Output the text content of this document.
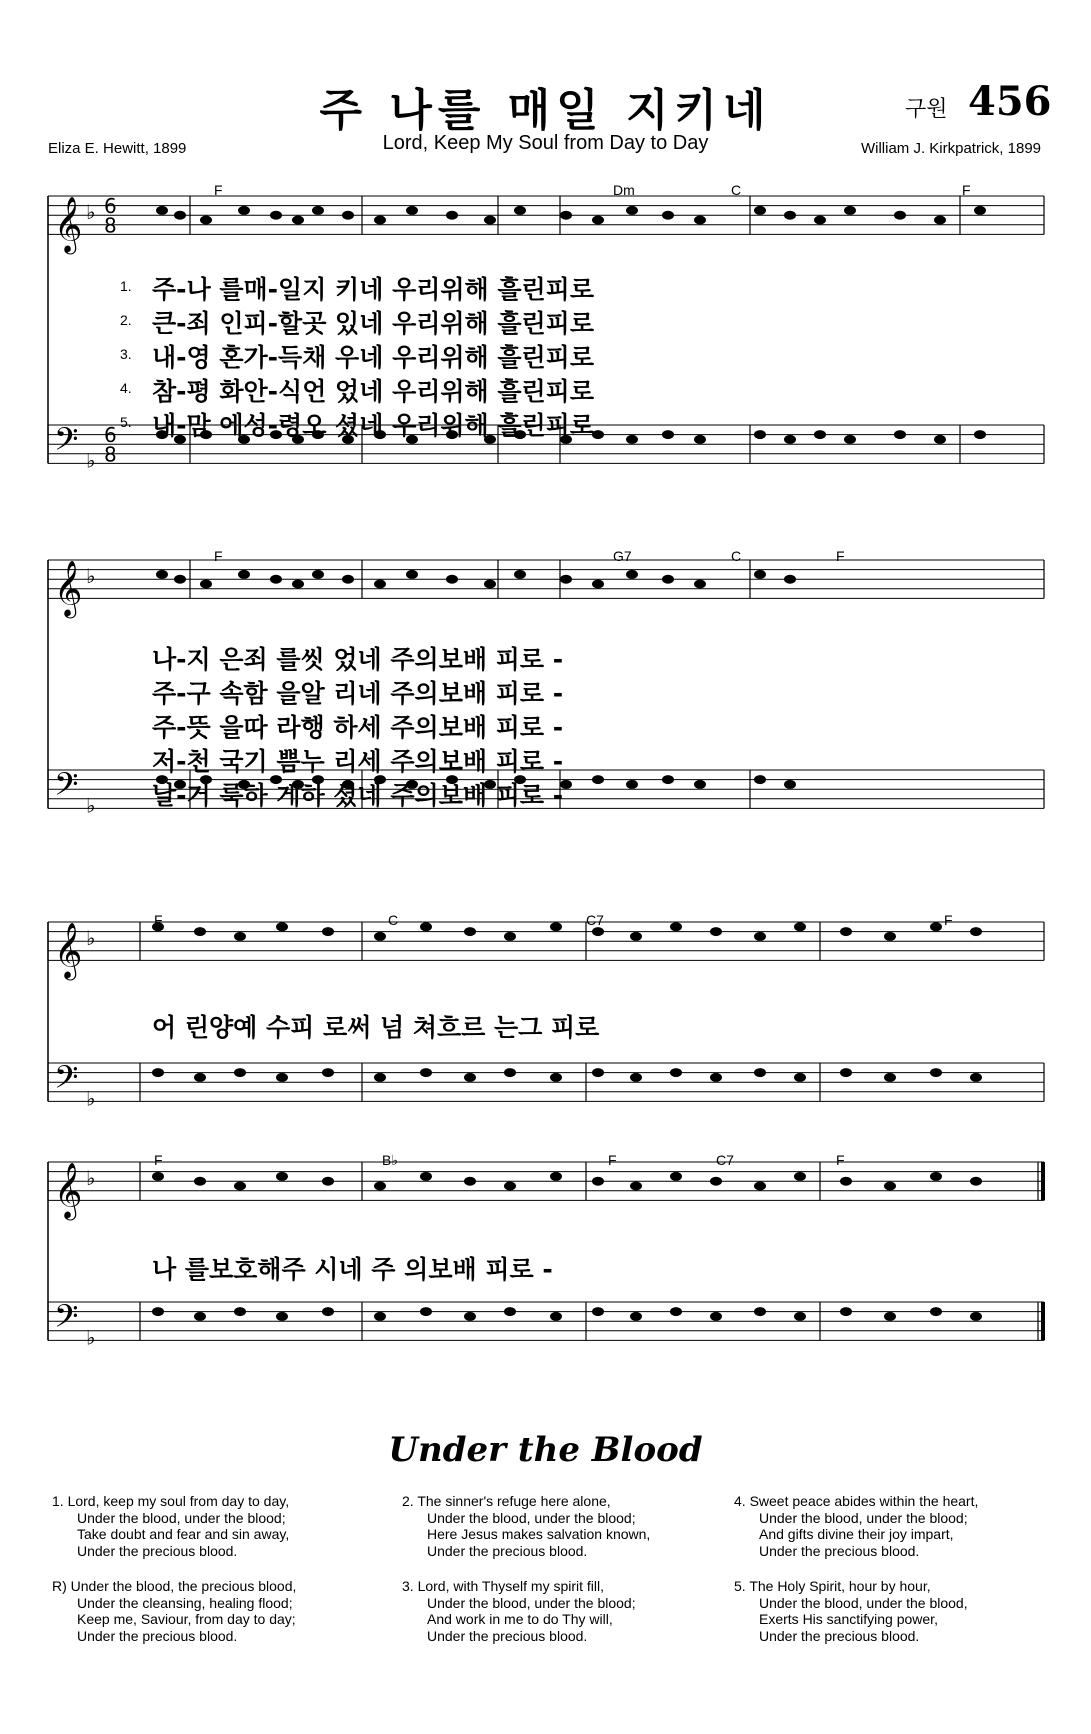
주 나를 매일 지키네	구원 456
Lord, Keep My Soul from Day to Day
Eliza E. Hewitt, 1899	William J. Kirkpatrick, 1899
𝄞 ♭ 6
8
𝄢 ♭
6
8
𝄞 ♭
𝄢 ♭
𝄞 ♭
𝄢 ♭
𝄞 ♭
𝄢 ♭
F	Dm	C	F
1.
2.
3.
4.
5.
주-나 를매-일지 키네 우리위해 흘린피로
큰-죄 인피-할곳 있네 우리위해 흘린피로
내-영 혼가-득채 우네 우리위해 흘린피로
참-평 화안-식언 었네 우리위해 흘린피로
내-맘 에성-령오 셨네 우리위해 흘린피로
F	G7	C	F
나-지 은죄 를씻 었네 주의보배 피로 -
주-구 속함 을알 리네 주의보배 피로 -
주-뜻 을따 라행 하세 주의보배 피로 -
저-천 국기 쁨누 리세 주의보배 피로 -
날-거 룩하 게하 셨네 주의보배 피로 -
F	C	C7	F
어 린양예 수피 로써 넘 쳐흐르 는그 피로
F	B♭	F	C7	F
나 를보호해주 시네 주 의보배 피로 -
Under the Blood
1. Lord, keep my soul from day to day,
Under the blood, under the blood;
Take doubt and fear and sin away,
Under the precious blood.
R) Under the blood, the precious blood,
Under the cleansing, healing flood;
Keep me, Saviour, from day to day;
Under the precious blood.
2. The sinner's refuge here alone,
Under the blood, under the blood;
Here Jesus makes salvation known,
Under the precious blood.
3. Lord, with Thyself my spirit fill,
Under the blood, under the blood;
And work in me to do Thy will,
Under the precious blood.
4. Sweet peace abides within the heart,
Under the blood, under the blood;
And gifts divine their joy impart,
Under the precious blood.
5. The Holy Spirit, hour by hour,
Under the blood, under the blood,
Exerts His sanctifying power,
Under the precious blood.
